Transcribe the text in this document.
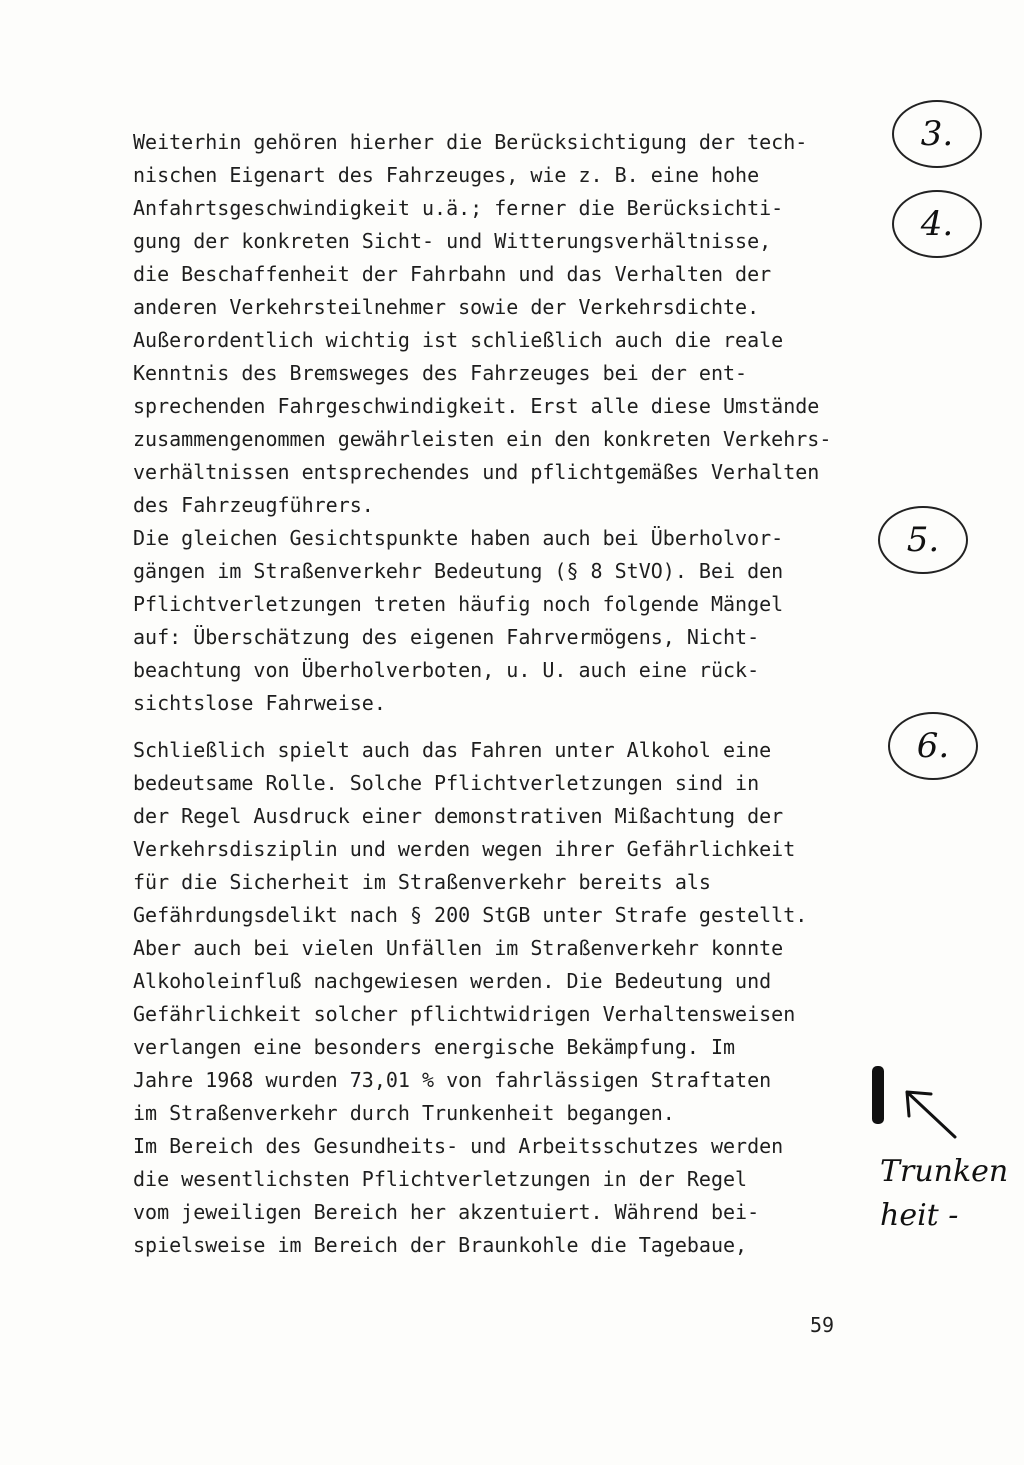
Weiterhin gehören hierher die Berücksichtigung der tech-
nischen Eigenart des Fahrzeuges, wie z. B. eine hohe
Anfahrtsgeschwindigkeit u.ä.; ferner die Berücksichti-
gung der konkreten Sicht- und Witterungsverhältnisse,
die Beschaffenheit der Fahrbahn und das Verhalten der
anderen Verkehrsteilnehmer sowie der Verkehrsdichte.
Außerordentlich wichtig ist schließlich auch die reale
Kenntnis des Bremsweges des Fahrzeuges bei der ent-
sprechenden Fahrgeschwindigkeit. Erst alle diese Umstände
zusammengenommen gewährleisten ein den konkreten Verkehrs-
verhältnissen entsprechendes und pflichtgemäßes Verhalten
des Fahrzeugführers.
Die gleichen Gesichtspunkte haben auch bei Überholvor-
gängen im Straßenverkehr Bedeutung (§ 8 StVO). Bei den
Pflichtverletzungen treten häufig noch folgende Mängel
auf: Überschätzung des eigenen Fahrvermögens, Nicht-
beachtung von Überholverboten, u. U. auch eine rück-
sichtslose Fahrweise.
Schließlich spielt auch das Fahren unter Alkohol eine
bedeutsame Rolle. Solche Pflichtverletzungen sind in
der Regel Ausdruck einer demonstrativen Mißachtung der
Verkehrsdisziplin und werden wegen ihrer Gefährlichkeit
für die Sicherheit im Straßenverkehr bereits als
Gefährdungsdelikt nach § 200 StGB unter Strafe gestellt.
Aber auch bei vielen Unfällen im Straßenverkehr konnte
Alkoholeinfluß nachgewiesen werden. Die Bedeutung und
Gefährlichkeit solcher pflichtwidrigen Verhaltensweisen
verlangen eine besonders energische Bekämpfung. Im
Jahre 1968 wurden 73,01 % von fahrlässigen Straftaten
im Straßenverkehr durch Trunkenheit begangen.
Im Bereich des Gesundheits- und Arbeitsschutzes werden
die wesentlichsten Pflichtverletzungen in der Regel
vom jeweiligen Bereich her akzentuiert. Während bei-
spielsweise im Bereich der Braunkohle die Tagebaue,
3.
4.
5.
6.
Trunken
heit -
59
